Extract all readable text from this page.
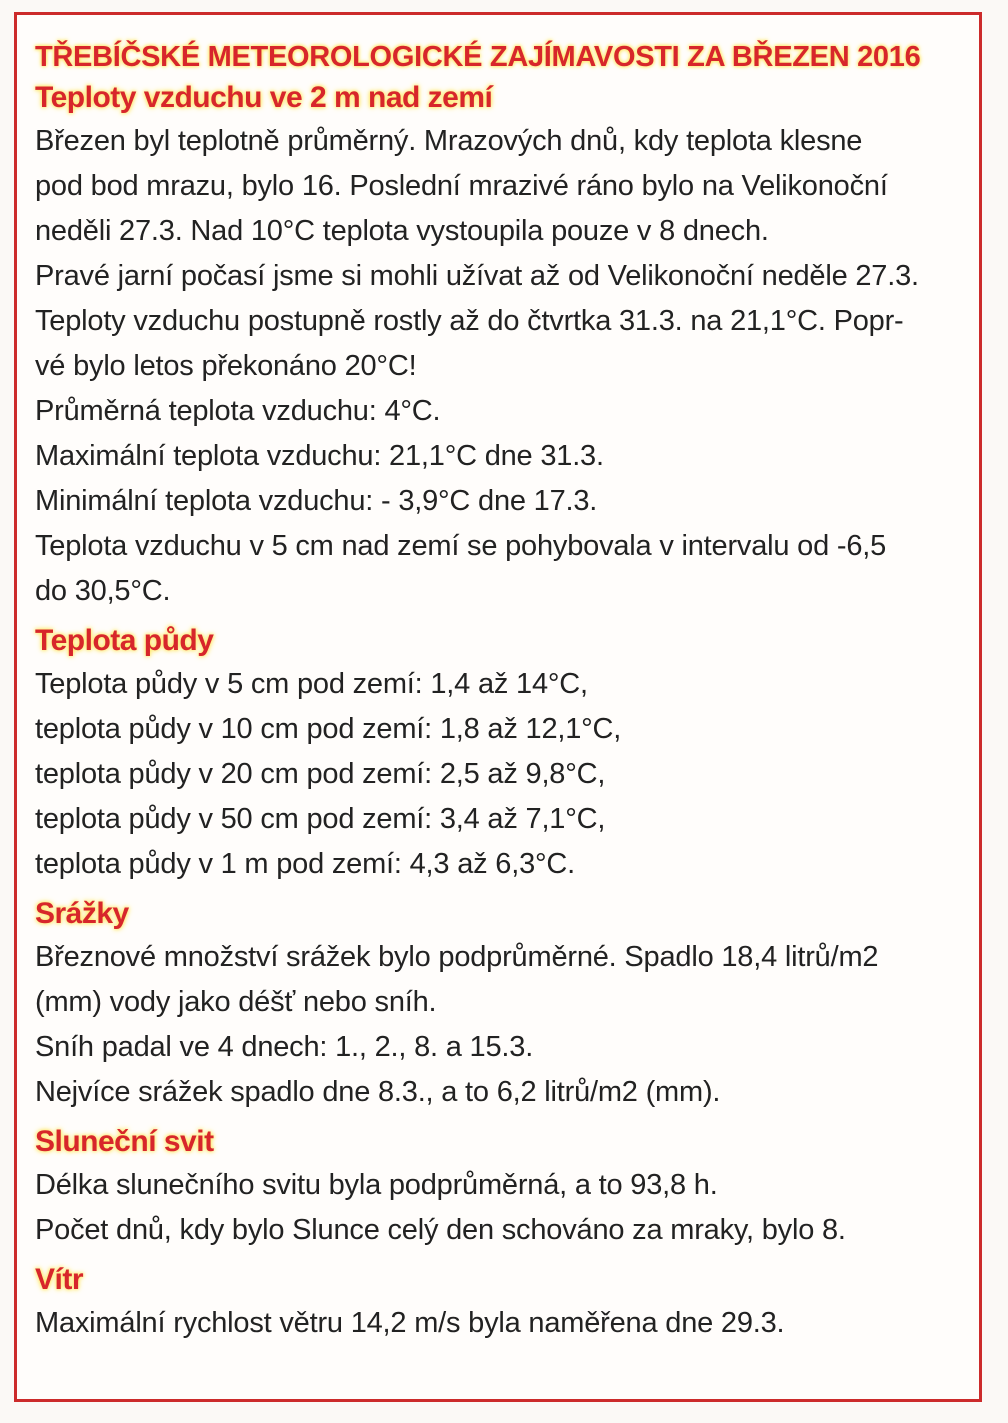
TŘEBÍČSKÉ METEOROLOGICKÉ ZAJÍMAVOSTI ZA BŘEZEN 2016
Teploty vzduchu ve 2 m nad zemí

Březen byl teplotně průměrný. Mrazových dnů, kdy teplota klesne

pod bod mrazu, bylo 16. Poslední mrazivé ráno bylo na Velikonoční

neděli 27.3. Nad 10°C teplota vystoupila pouze v 8 dnech.

Pravé jarní počasí jsme si mohli užívat až od Velikonoční neděle 27.3.

Teploty vzduchu postupně rostly až do čtvrtka 31.3. na 21,1°C. Popr-

vé bylo letos překonáno 20°C!

Průměrná teplota vzduchu: 4°C.

Maximální teplota vzduchu: 21,1°C dne 31.3.

Minimální teplota vzduchu: - 3,9°C dne 17.3.

Teplota vzduchu v 5 cm nad zemí se pohybovala v intervalu od -6,5

do 30,5°C.

Teplota půdy

Teplota půdy v 5 cm pod zemí: 1,4 až 14°C,

teplota půdy v 10 cm pod zemí: 1,8 až 12,1°C,

teplota půdy v 20 cm pod zemí: 2,5 až 9,8°C,

teplota půdy v 50 cm pod zemí: 3,4 až 7,1°C,

teplota půdy v 1 m pod zemí: 4,3 až 6,3°C.

Srážky

Březnové množství srážek bylo podprůměrné. Spadlo 18,4 litrů/m2

(mm) vody jako déšť nebo sníh.

Sníh padal ve 4 dnech: 1., 2., 8. a 15.3.

Nejvíce srážek spadlo dne 8.3., a to 6,2 litrů/m2 (mm).

Sluneční svit

Délka slunečního svitu byla podprůměrná, a to 93,8 h.

Počet dnů, kdy bylo Slunce celý den schováno za mraky, bylo 8.

Vítr

Maximální rychlost větru 14,2 m/s byla naměřena dne 29.3.
